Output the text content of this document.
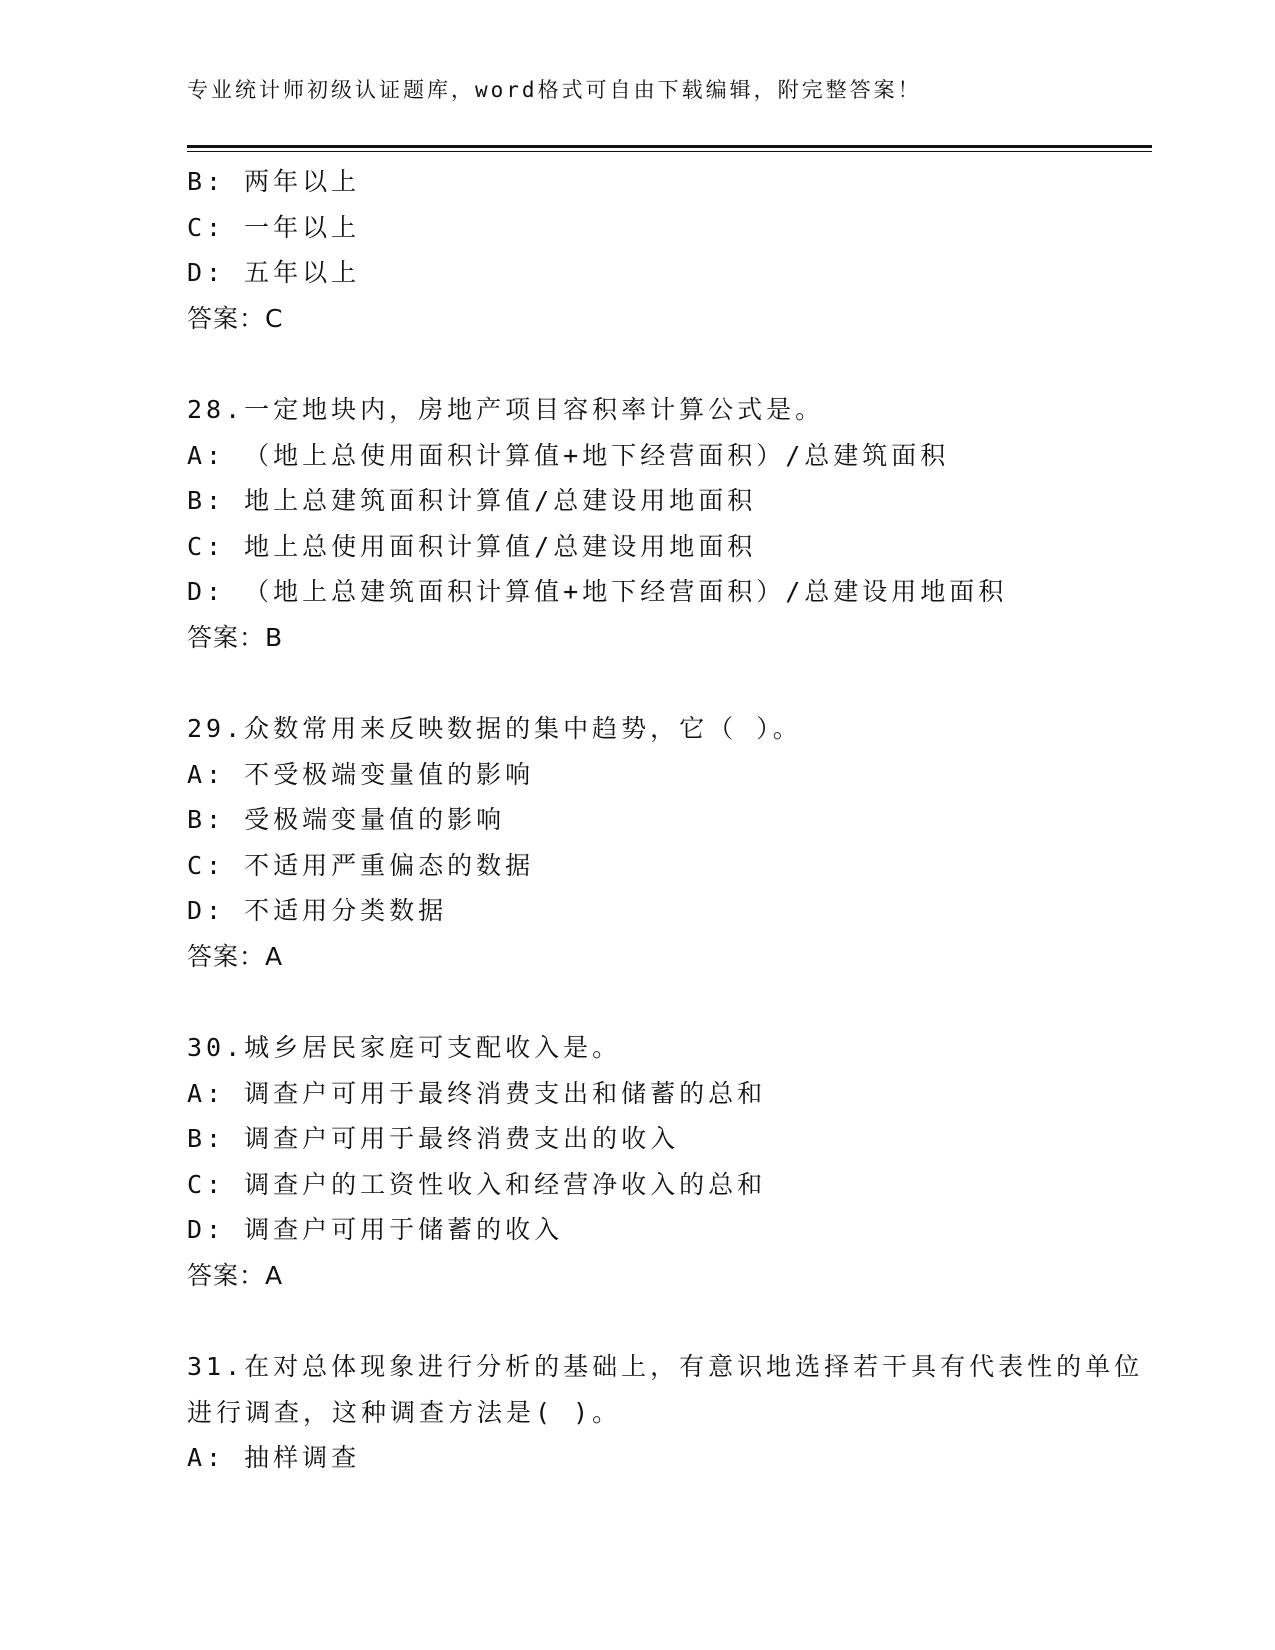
专业统计师初级认证题库，word格式可自由下载编辑，附完整答案！
B: 两年以上
C: 一年以上
D: 五年以上
答案：C
28.一定地块内，房地产项目容积率计算公式是。
A: （地上总使用面积计算值+地下经营面积）/总建筑面积
B: 地上总建筑面积计算值/总建设用地面积
C: 地上总使用面积计算值/总建设用地面积
D: （地上总建筑面积计算值+地下经营面积）/总建设用地面积
答案：B
29.众数常用来反映数据的集中趋势，它（ ）。
A: 不受极端变量值的影响
B: 受极端变量值的影响
C: 不适用严重偏态的数据
D: 不适用分类数据
答案：A
30.城乡居民家庭可支配收入是。
A: 调查户可用于最终消费支出和储蓄的总和
B: 调查户可用于最终消费支出的收入
C: 调查户的工资性收入和经营净收入的总和
D: 调查户可用于储蓄的收入
答案：A
31.在对总体现象进行分析的基础上，有意识地选择若干具有代表性的单位进行调查，这种调查方法是( )。
A: 抽样调查
